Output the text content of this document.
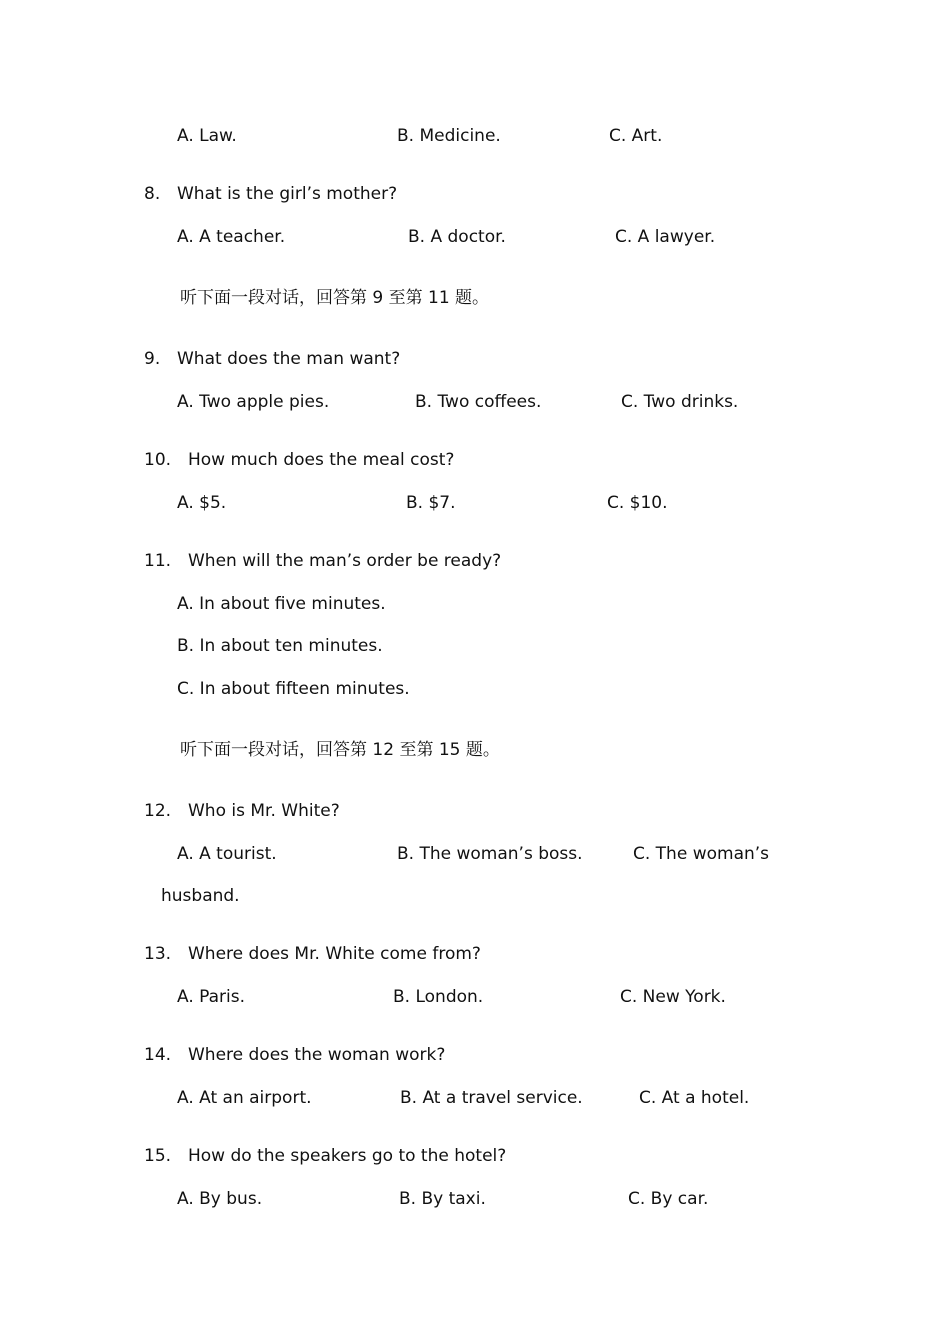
A. Law.	B. Medicine.	C. Art.
8. What is the girl’s mother?
A. A teacher.	B. A doctor.	C. A lawyer.
听下面一段对话，回答第 9 至第 11 题。
9. What does the man want?
A. Two apple pies.	B. Two coffees.	C. Two drinks.
10. How much does the meal cost?
A. $5.	B. $7.	C. $10.
11. When will the man’s order be ready?
A. In about five minutes.
B. In about ten minutes.
C. In about fifteen minutes.
听下面一段对话，回答第 12 至第 15 题。
12. Who is Mr. White?
A. A tourist.	B. The woman’s boss.	C. The woman’s
husband.
13. Where does Mr. White come from?
A. Paris.	B. London.	C. New York.
14. Where does the woman work?
A. At an airport.	B. At a travel service.	C. At a hotel.
15. How do the speakers go to the hotel?
A. By bus.	B. By taxi.	C. By car.
